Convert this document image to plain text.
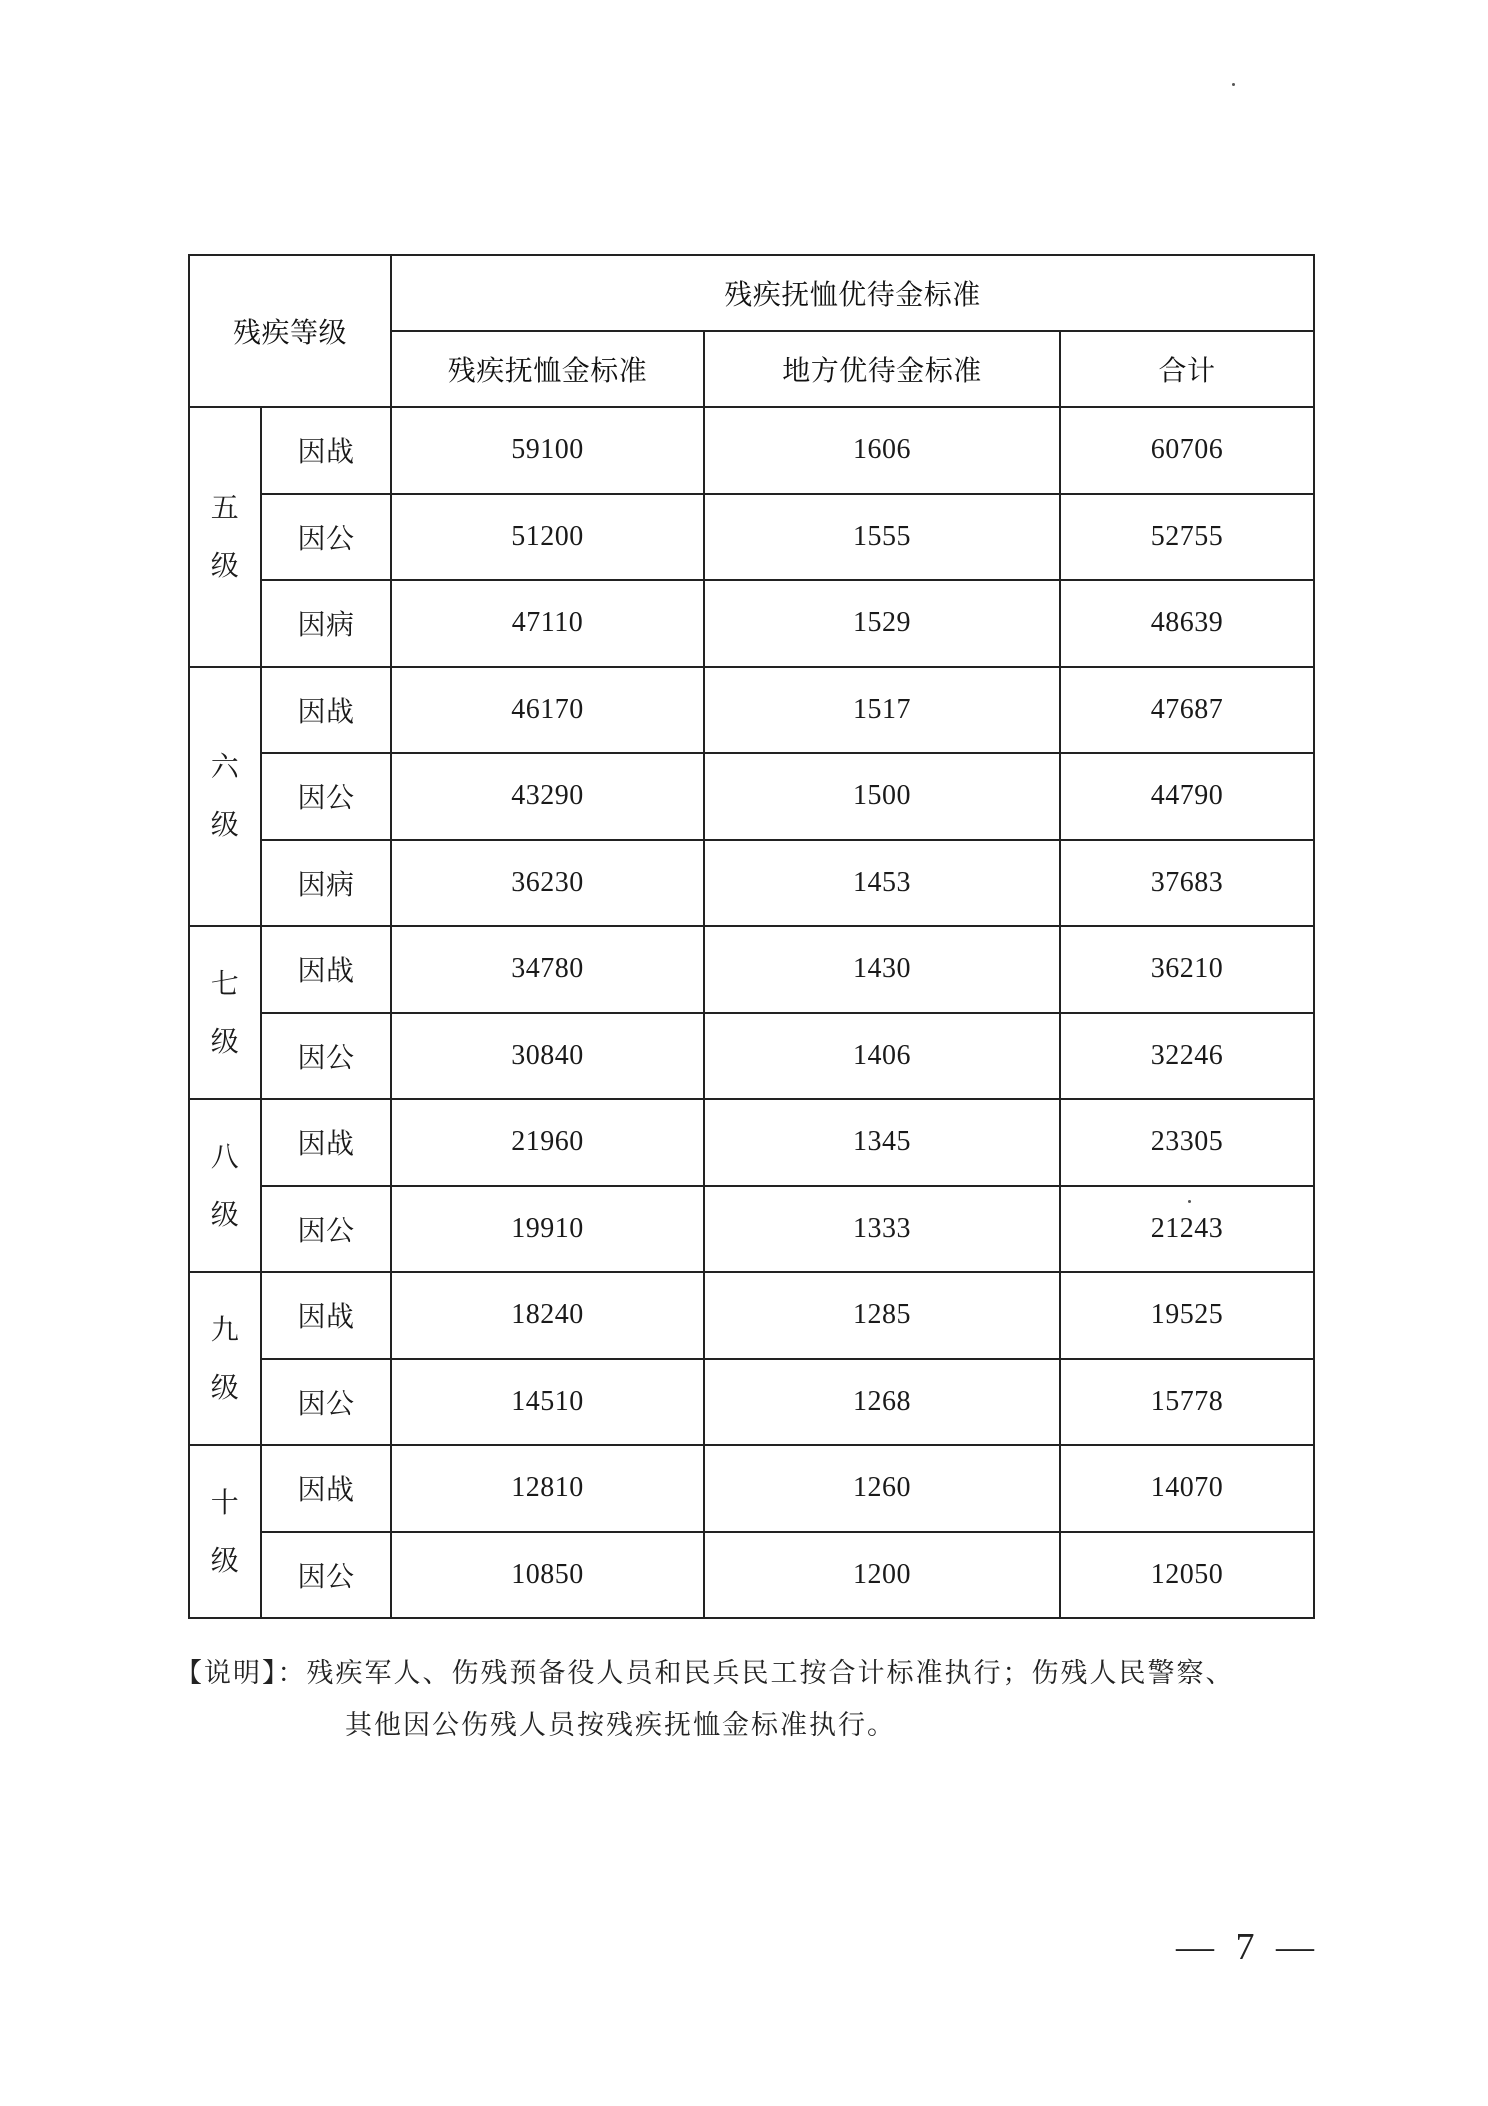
残疾等级		残疾抚恤优待金标准		
		残疾抚恤金标准	地方优待金标准	合计

五
级	因战	59100	1606	60706
	因公	51200	1555	52755
	因病	47110	1529	48639

六
级	因战	46170	1517	47687
	因公	43290	1500	44790
	因病	36230	1453	37683

七
级	因战	34780	1430	36210
	因公	30840	1406	32246

八
级	因战	21960	1345	23305
	因公	19910	1333	21243

九
级	因战	18240	1285	19525
	因公	14510	1268	15778

十
级	因战	12810	1260	14070
	因公	10850	1200	12050
【说明】：残疾军人、伤残预备役人员和民兵民工按合计标准执行；伤残人民警察、
其他因公伤残人员按残疾抚恤金标准执行。
— 7 —
